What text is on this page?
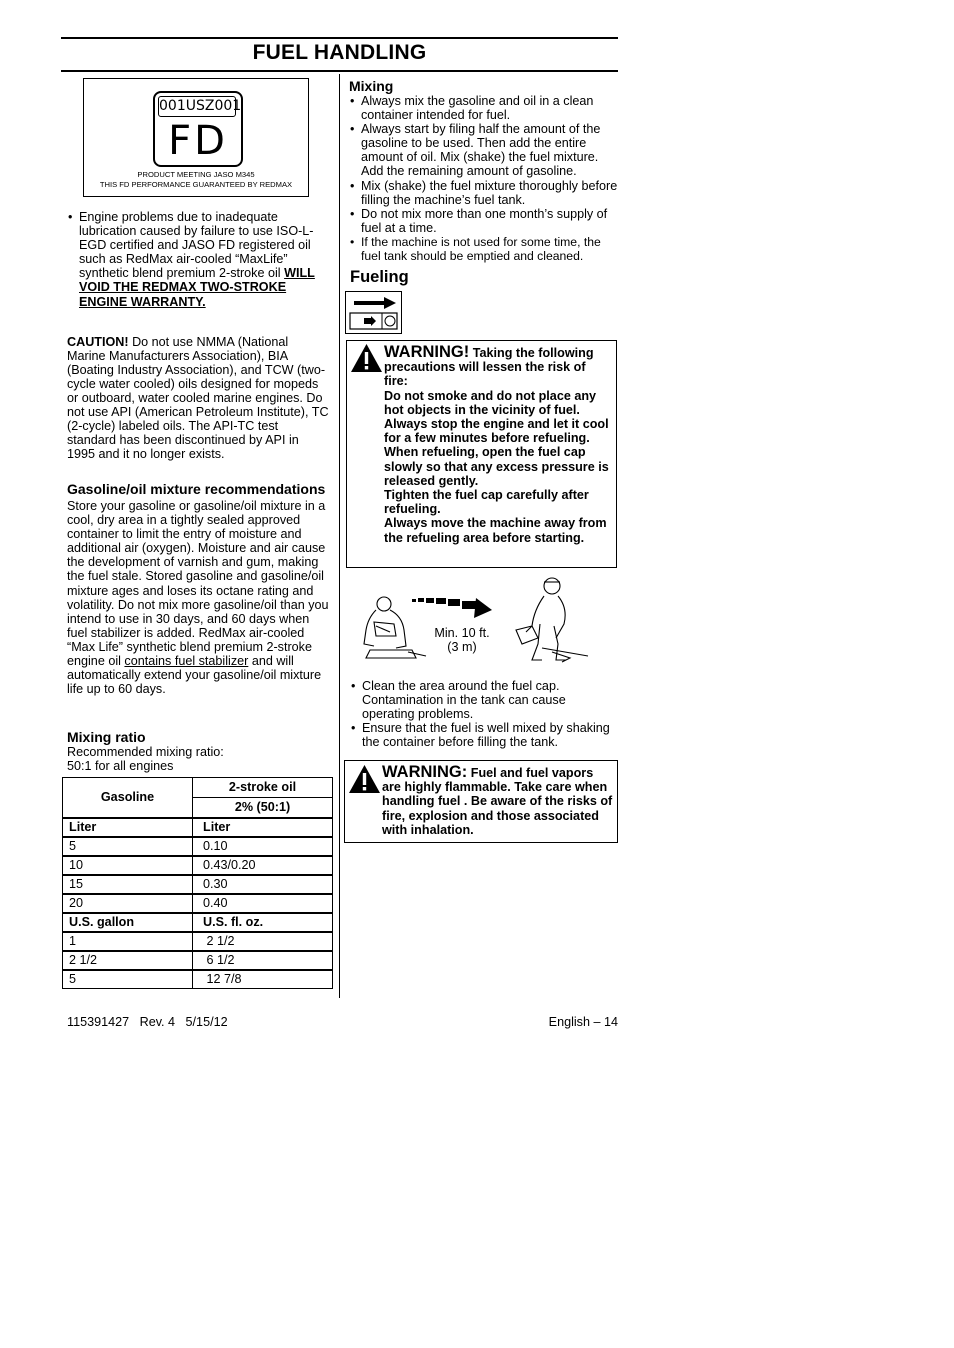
FUEL HANDLING
001USZ001
FD
PRODUCT MEETING JASO M345
THIS FD PERFORMANCE GUARANTEED BY REDMAX

• Engine problems due to inadequate lubrication caused by failure to use ISO-L-EGD certified and JASO FD registered oil such as RedMax air-cooled “MaxLife” synthetic blend premium 2-stroke oil WILL VOID THE REDMAX TWO-STROKE ENGINE WARRANTY.

CAUTION! Do not use NMMA (National Marine Manufacturers Association), BIA (Boating Industry Association), and TCW (two- cycle water cooled) oils designed for mopeds or outboard, water cooled marine engines. Do not use API (American Petroleum Institute), TC (2-cycle) labeled oils. The API-TC test standard has been discontinued by API in 1995 and it no longer exists.

Gasoline/oil mixture recommendations

Store your gasoline or gasoline/oil mixture in a cool, dry area in a tightly sealed approved container to limit the entry of moisture and additional air (oxygen). Moisture and air cause the development of varnish and gum, making the fuel stale. Stored gasoline and gasoline/oil mixture ages and loses its octane rating and volatility. Do not mix more gasoline/oil than you intend to use in 30 days, and 60 days when fuel stabilizer is added. RedMax air-cooled “Max Life” synthetic blend premium 2-stroke engine oil contains fuel stabilizer and will automatically extend your gasoline/oil mixture life up to 60 days.

Mixing ratio
Recommended mixing ratio:
50:1 for all engines
Gasoline	2-stroke oil
	2% (50:1)
Liter	Liter
5	0.10
10	0.43/0.20
15	0.30
20	0.40
U.S. gallon	U.S. fl. oz.
1	2 1/2
2 1/2	6 1/2
5	12 7/8
Mixing

• Always mix the gasoline and oil in a clean container intended for fuel.

• Always start by filing half the amount of the gasoline to be used. Then add the entire amount of oil. Mix (shake) the fuel mixture. Add the remaining amount of gasoline.

• Mix (shake) the fuel mixture thoroughly before filling the machine’s fuel tank.

• Do not mix more than one month’s supply of fuel at a time.

• If the machine is not used for some time, the fuel tank should be emptied and cleaned.

Fueling
WARNING! Taking the following precautions will lessen the risk of fire:
Do not smoke and do not place any hot objects in the vicinity of fuel.
Always stop the engine and let it cool for a few minutes before refueling.
When refueling, open the fuel cap slowly so that any excess pressure is released gently.
Tighten the fuel cap carefully after refueling.
Always move the machine away from the refueling area before starting.
Min. 10 ft.
(3 m)

• Clean the area around the fuel cap. Contamination in the tank can cause operating problems.

• Ensure that the fuel is well mixed by shaking the container before filling the tank.

WARNING: Fuel and fuel vapors are highly flammable. Take care when handling fuel . Be aware of the risks of fire, explosion and those associated with inhalation.
115391427   Rev. 4   5/15/12	English – 14
